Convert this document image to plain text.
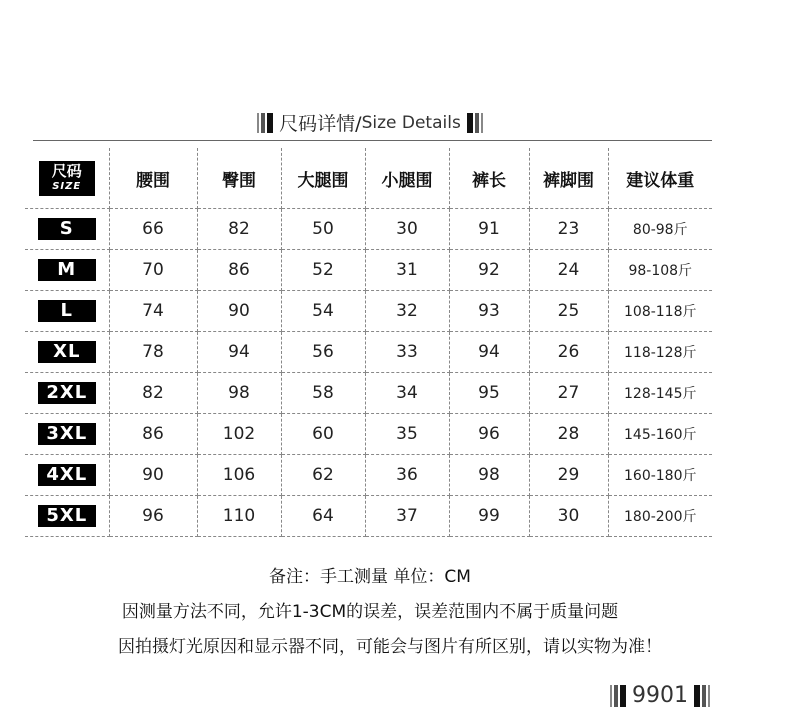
尺码详情/ Size Details
尺码
SIZE	腰围	臀围	大腿围	小腿围	裤长	裤脚围	建议体重
S	66	82	50	30	91	23	80-98斤
M	70	86	52	31	92	24	98-108斤
L	74	90	54	32	93	25	108-118斤
XL	78	94	56	33	94	26	118-128斤
2XL	82	98	58	34	95	27	128-145斤
3XL	86	102	60	35	96	28	145-160斤
4XL	90	106	62	36	98	29	160-180斤
5XL	96	110	64	37	99	30	180-200斤
备注：手工测量 单位：CM
因测量方法不同，允许1-3CM的误差，误差范围内不属于质量问题
因拍摄灯光原因和显示器不同，可能会与图片有所区别，请以实物为准！
9901
